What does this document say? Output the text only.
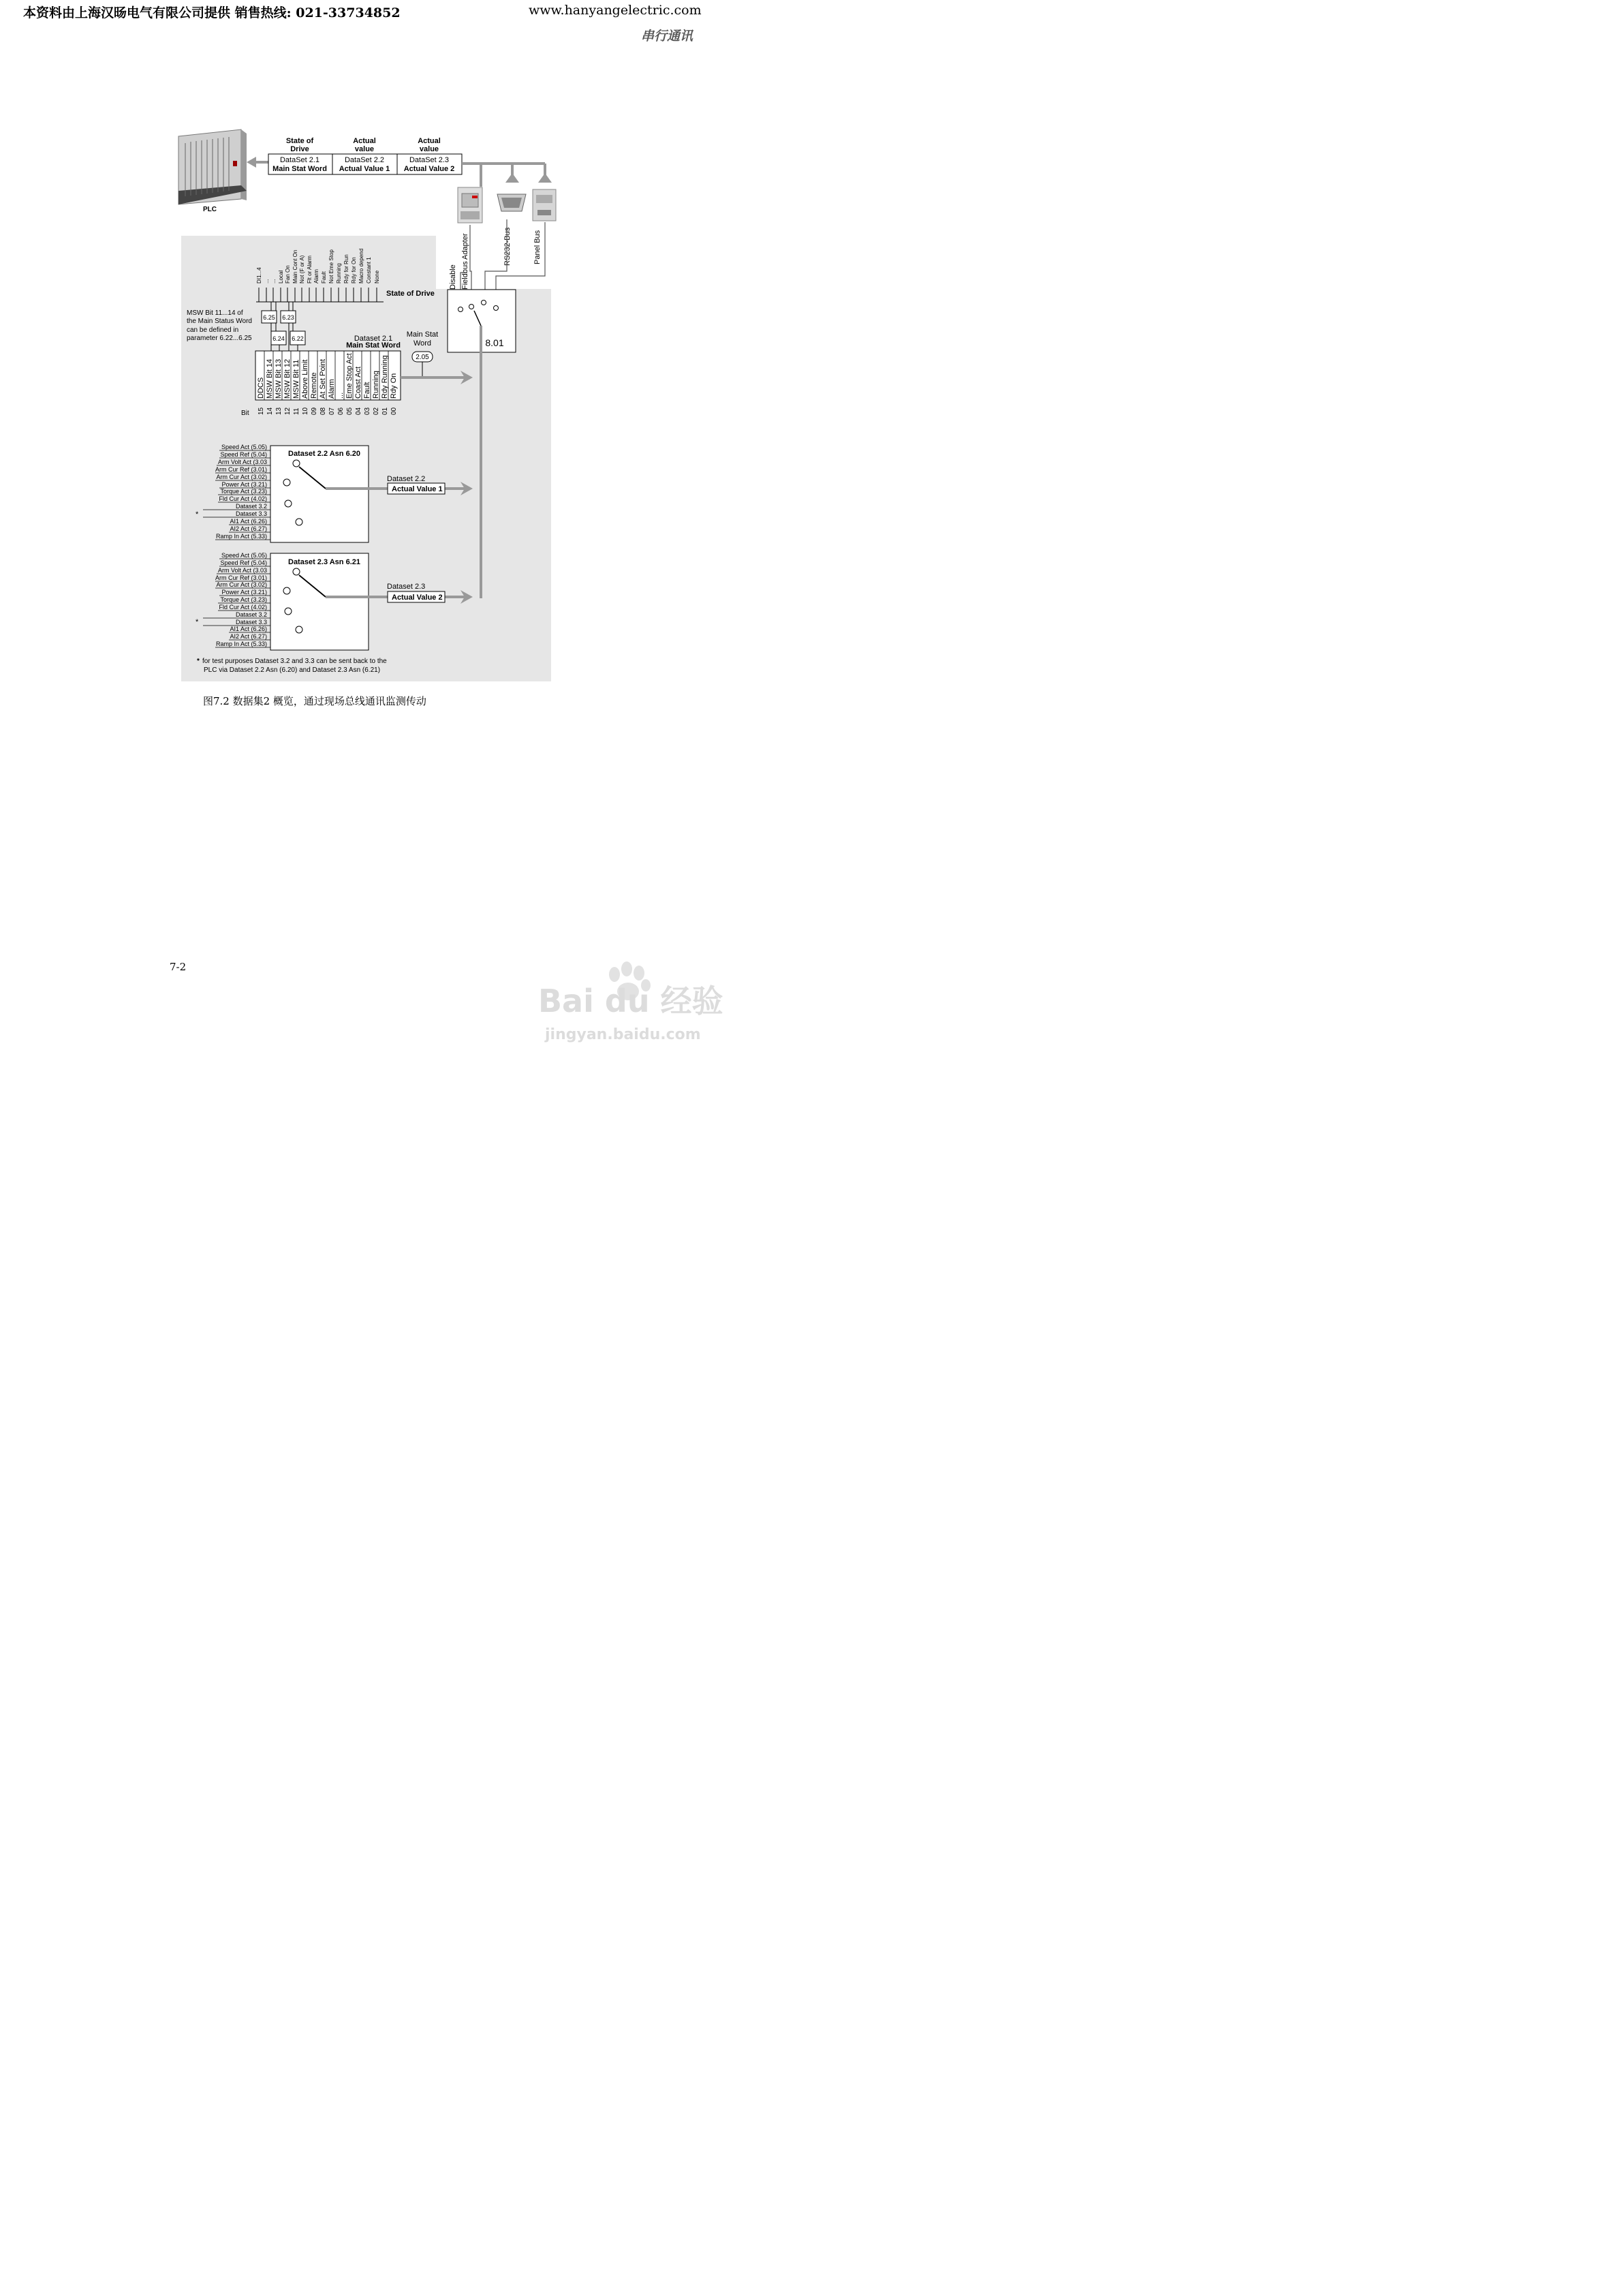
本资料由上海汉旸电气有限公司提供 销售热线: 021-33734852	www.hanyangelectric.com
串行通讯
PLC
State of
Drive
Actual
value
Actual
value
DataSet 2.1
Main Stat Word
DataSet 2.2
Actual Value 1
DataSet 2.3
Actual Value 2
Disable Fieldbus Adapter	RS232-Bus	Panel Bus
8.01
DI1...4 ... ... Local Fan On Main Cont On Not (F or A) Flt or Alarm Alarm Fault Not Eme Stop Running Rdy for Run Rdy for On Macro depend Constant 1 None
State of Drive
6.25 6.23
6.24 6.22
MSW Bit 11...14 of
the Main Status Word
can be defined in
parameter 6.22...6.25	Dataset 2.1
Main Stat Word
Main Stat
Word
2.05
DDCS MSW Bit 14 MSW Bit 13 MSW Bit 12 MSW Bit 11 Above Limit Remote At Set Point Alarm ... Eme Stop Act Coast Act Fault Running Rdy Running Rdy On
15 14 13 12 11 10 09 08 07 06 05 04 03 02 01 00
Bit
Dataset 2.2 Asn 6.20
Dataset 2.2
Actual Value 1
Speed Act (5.05)
Speed Ref (5.04)
Arm Volt Act (3.03
Arm Cur Ref (3.01)
Arm Cur Act (3.02)
Power Act (3.21)
Torque Act (3.23)
Fld Cur Act (4.02)
Dataset 3.2
Dataset 3.3
AI1 Act (6.26)
AI2 Act (6.27)
Ramp In Act (5.33)
*
Dataset 2.3 Asn 6.21
Dataset 2.3
Actual Value 2
Speed Act (5.05)
Speed Ref (5.04)
Arm Volt Act (3.03
Arm Cur Ref (3.01)
Arm Cur Act (3.02)
Power Act (3.21)
Torque Act (3.23)
Fld Cur Act (4.02)
Dataset 3.2
Dataset 3.3
AI1 Act (6.26)
AI2 Act (6.27)
Ramp In Act (5.33)
*
* for test purposes Dataset 3.2 and 3.3 can be sent back to the
PLC via Dataset 2.2 Asn (6.20) and Dataset 2.3 Asn (6.21)
图7.2 数据集2 概览，通过现场总线通讯监测传动
7-2
Bai du 经验
jingyan.baidu.com
